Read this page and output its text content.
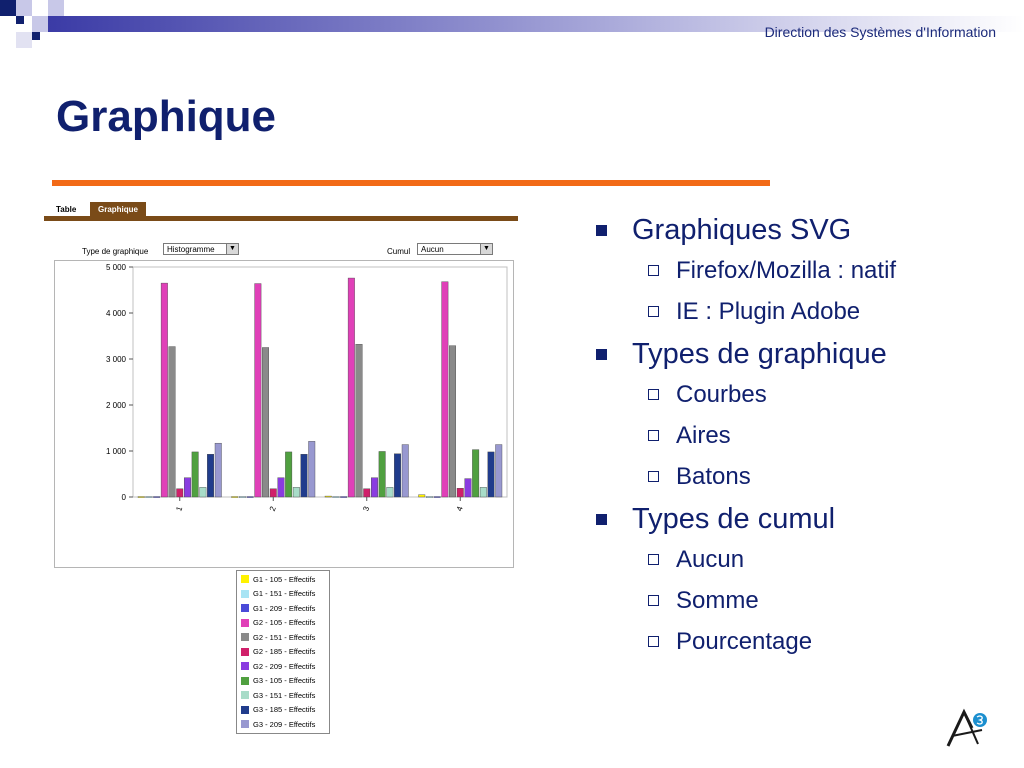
Direction des Systèmes d'Information
Graphique
Table	Graphique
Type de graphique	Histogramme	▼	Cumul	Aucun	▼
0
1 000
2 000
3 000
4 000
5 000
1	2	3	4
G1 - 105 - Effectifs
G1 - 151 - Effectifs
G1 - 209 - Effectifs
G2 - 105 - Effectifs
G2 - 151 - Effectifs
G2 - 185 - Effectifs
G2 - 209 - Effectifs
G3 - 105 - Effectifs
G3 - 151 - Effectifs
G3 - 185 - Effectifs
G3 - 209 - Effectifs
Graphiques SVG
Firefox/Mozilla : natif
IE : Plugin Adobe
Types de graphique
Courbes
Aires
Batons
Types de cumul
Aucun
Somme
Pourcentage
